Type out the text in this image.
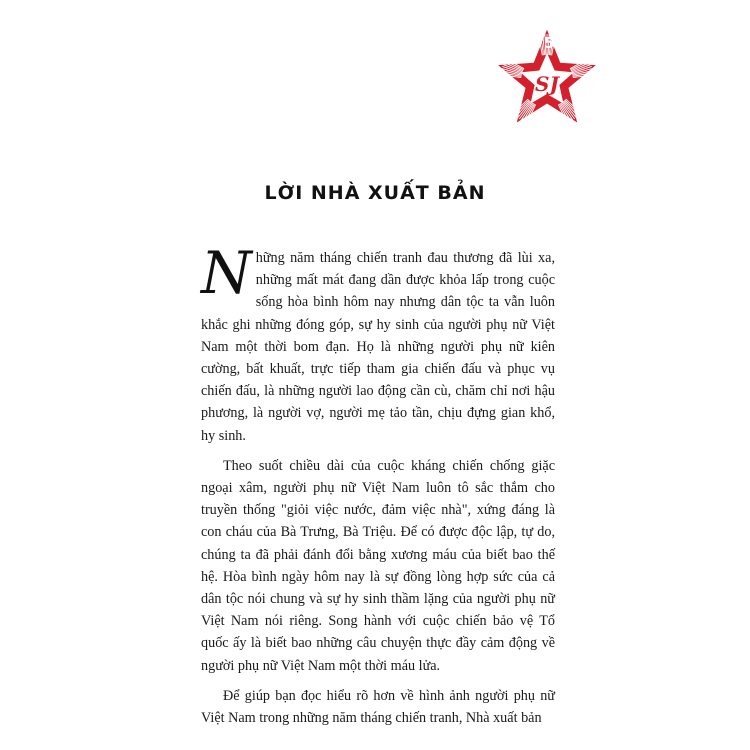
SJ
5
LỜI NHÀ XUẤT BẢN

Những năm tháng chiến tranh đau thương đã lùi xa, những mất mát đang dần được khỏa lấp trong cuộc sống hòa bình hôm nay nhưng dân tộc ta vẫn luôn khắc ghi những đóng góp, sự hy sinh của người phụ nữ Việt Nam một thời bom đạn. Họ là những người phụ nữ kiên cường, bất khuất, trực tiếp tham gia chiến đấu và phục vụ chiến đấu, là những người lao động cần cù, chăm chỉ nơi hậu phương, là người vợ, người mẹ tảo tần, chịu đựng gian khổ, hy sinh.

Theo suốt chiều dài của cuộc kháng chiến chống giặc ngoại xâm, người phụ nữ Việt Nam luôn tô sắc thắm cho truyền thống "giỏi việc nước, đảm việc nhà", xứng đáng là con cháu của Bà Trưng, Bà Triệu. Để có được độc lập, tự do, chúng ta đã phải đánh đổi bằng xương máu của biết bao thế hệ. Hòa bình ngày hôm nay là sự đồng lòng hợp sức của cả dân tộc nói chung và sự hy sinh thầm lặng của người phụ nữ Việt Nam nói riêng. Song hành với cuộc chiến bảo vệ Tổ quốc ấy là biết bao những câu chuyện thực đầy cảm động về người phụ nữ Việt Nam một thời máu lửa.

Để giúp bạn đọc hiểu rõ hơn về hình ảnh người phụ nữ Việt Nam trong những năm tháng chiến tranh, Nhà xuất bản
